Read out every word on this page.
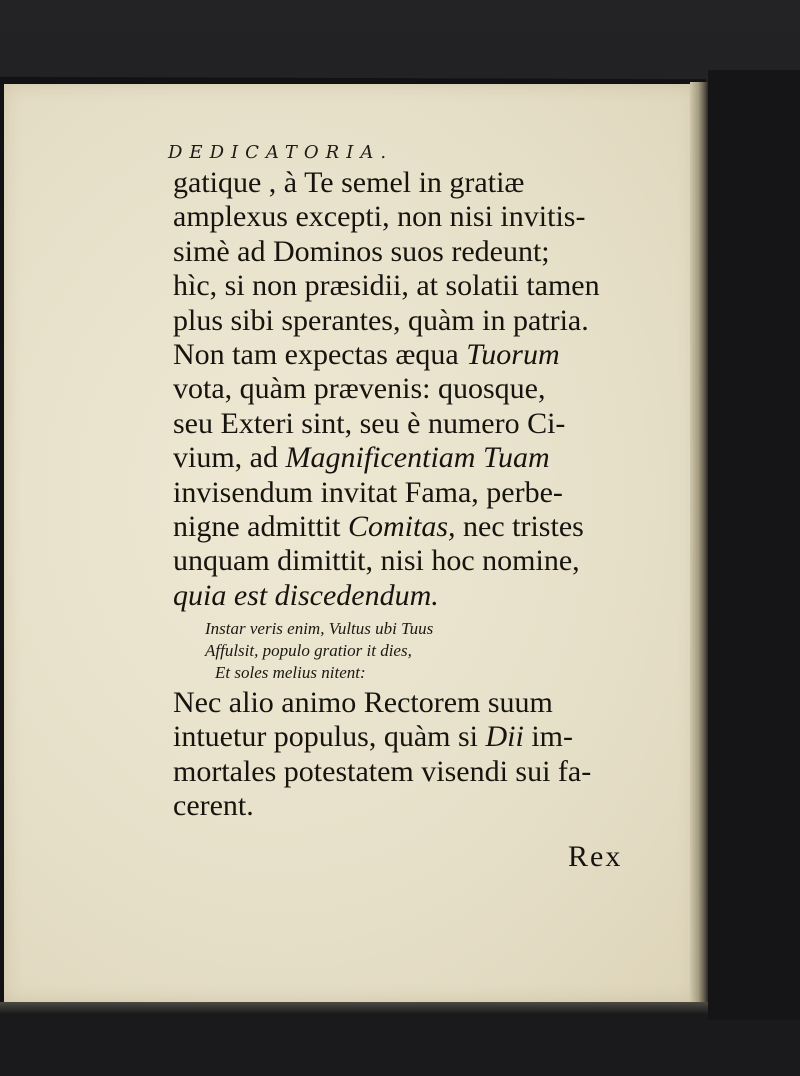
DEDICATORIA.
gatique , à Te semel in gratiæ
amplexus excepti, non nisi invitis-
simè ad Dominos suos redeunt;
hìc, si non præsidii, at solatii tamen
plus sibi sperantes, quàm in patria.
Non tam expectas æqua Tuorum
vota, quàm prævenis: quosque,
seu Exteri sint, seu è numero Ci-
vium, ad Magnificentiam Tuam
invisendum invitat Fama, perbe-
nigne admittit Comitas, nec tristes
unquam dimittit, nisi hoc nomine,
quia est discedendum.
Instar veris enim, Vultus ubi Tuus
Affulsit, populo gratior it dies,
Et soles melius nitent:
Nec alio animo Rectorem suum
intuetur populus, quàm si Dii im-
mortales potestatem visendi sui fa-
cerent.
Rex
